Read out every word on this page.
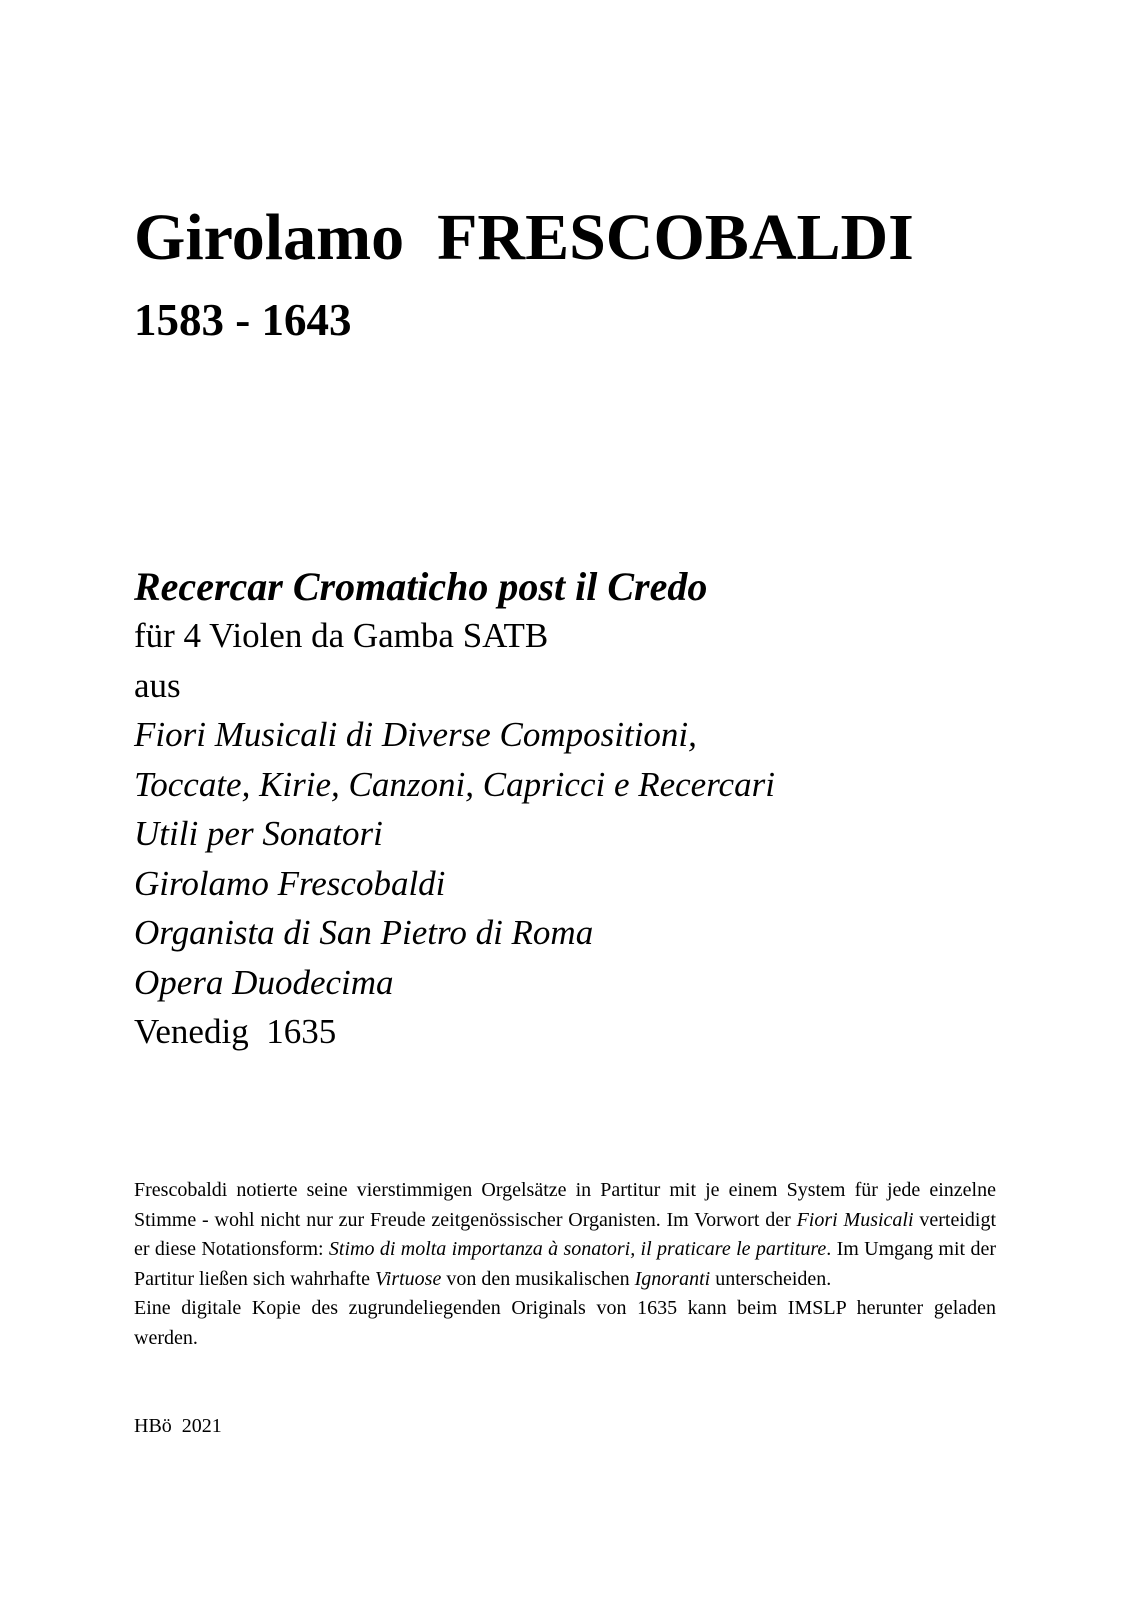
Girolamo  FRESCOBALDI
1583 - 1643
Recercar Cromaticho post il Credo
für 4 Violen da Gamba SATB
aus
Fiori Musicali di Diverse Compositioni,
Toccate, Kirie, Canzoni, Capricci e Recercari
Utili per Sonatori
Girolamo Frescobaldi
Organista di San Pietro di Roma
Opera Duodecima
Venedig  1635

Frescobaldi notierte seine vierstimmigen Orgelsätze in Partitur mit je einem System für jede einzelne Stimme - wohl nicht nur zur Freude zeitgenössischer Organisten. Im Vorwort der Fiori Musicali verteidigt er diese Notationsform: Stimo di molta importanza à sonatori, il praticare le partiture. Im Umgang mit der Partitur ließen sich wahrhafte Virtuose von den musikalischen Ignoranti unterscheiden.

Eine digitale Kopie des zugrundeliegenden Originals von 1635 kann beim IMSLP herunter geladen werden.

HBö  2021
